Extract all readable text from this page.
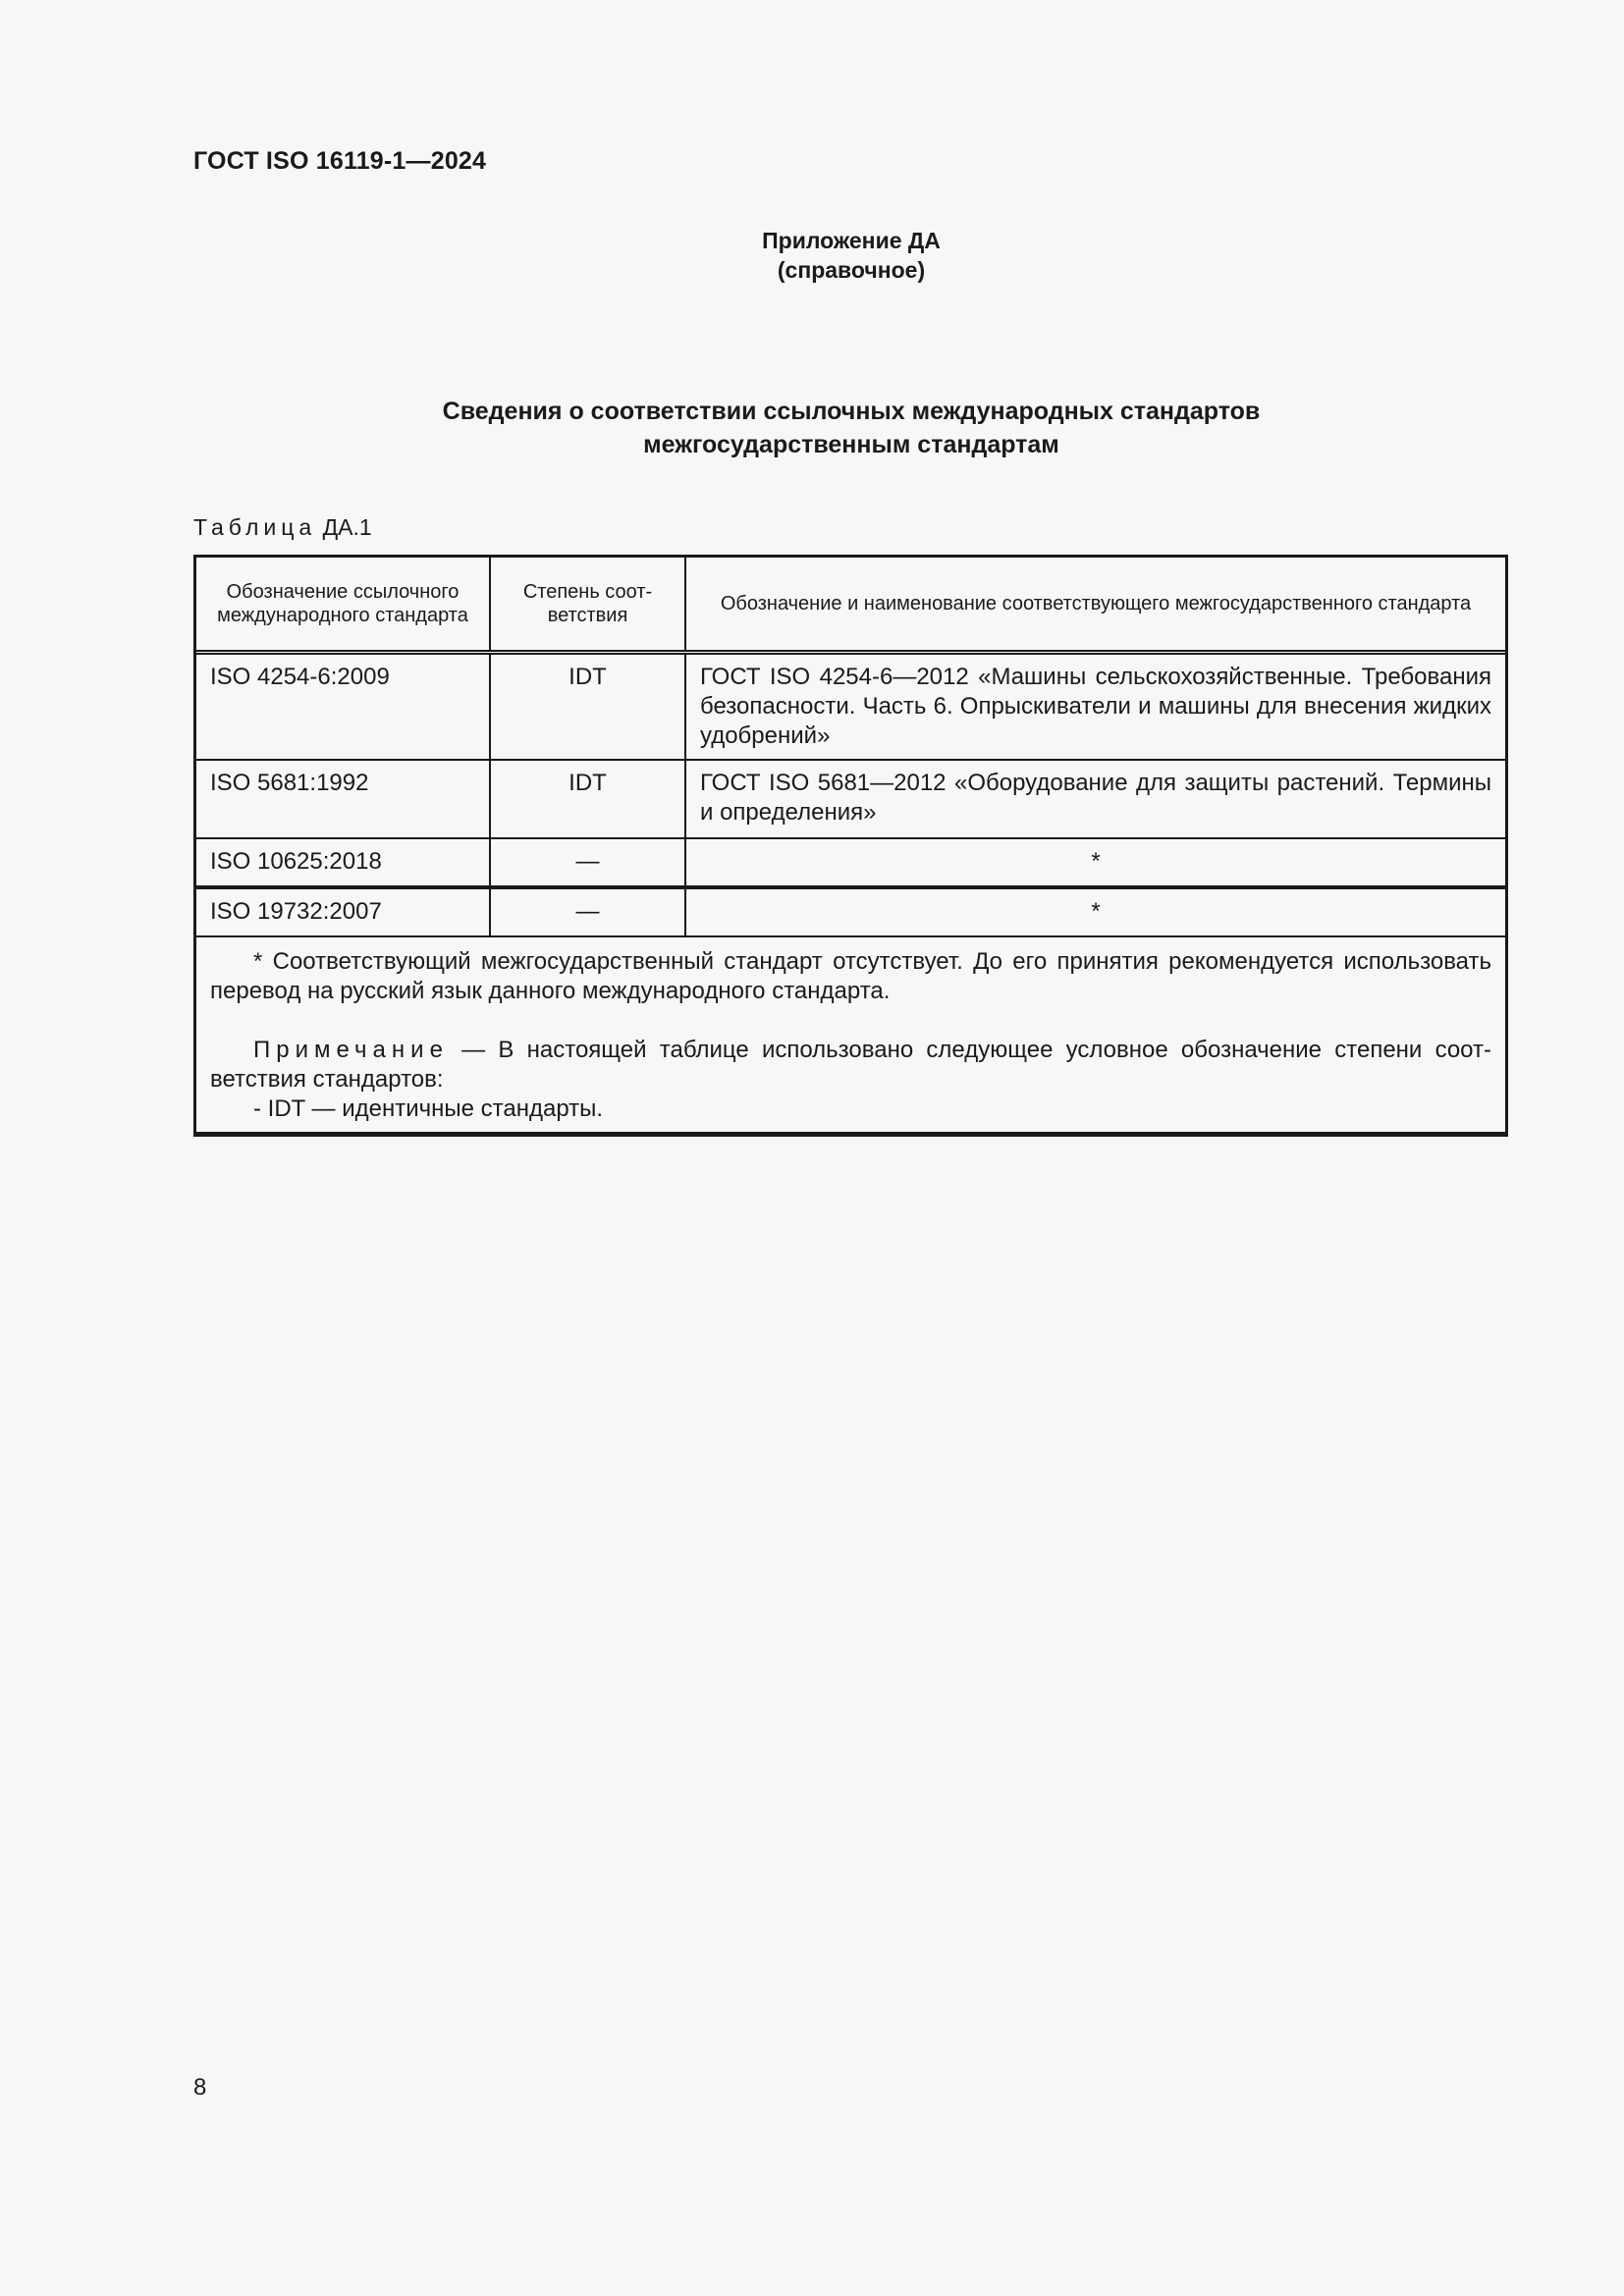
ГОСТ ISO 16119-1—2024
Приложение ДА
(справочное)
Сведения о соответствии ссылочных международных стандартов
межгосударственным стандартам
Таблица ДА.1
Обозначение ссылочного международного стандарта	Степень соответствия	Обозначение и наименование соответствующего межгосударственного стандарта
ISO 4254-6:2009	IDT	ГОСТ ISO 4254-6—2012 «Машины сельскохозяйственные. Требования безопасности. Часть 6. Опрыскиватели и машины для внесения жидких удобрений»
ISO 5681:1992	IDT	ГОСТ ISO 5681—2012 «Оборудование для защиты растений. Термины и определения»
ISO 10625:2018	—	*
ISO 19732:2007	—	*

* Соответствующий межгосударственный стандарт отсутствует. До его принятия рекомендуется использовать перевод на русский язык данного международного стандарта.

Примечание — В настоящей таблице использовано следующее условное обозначение степени соответствия стандартов:

- IDT — идентичные стандарты.		

8
